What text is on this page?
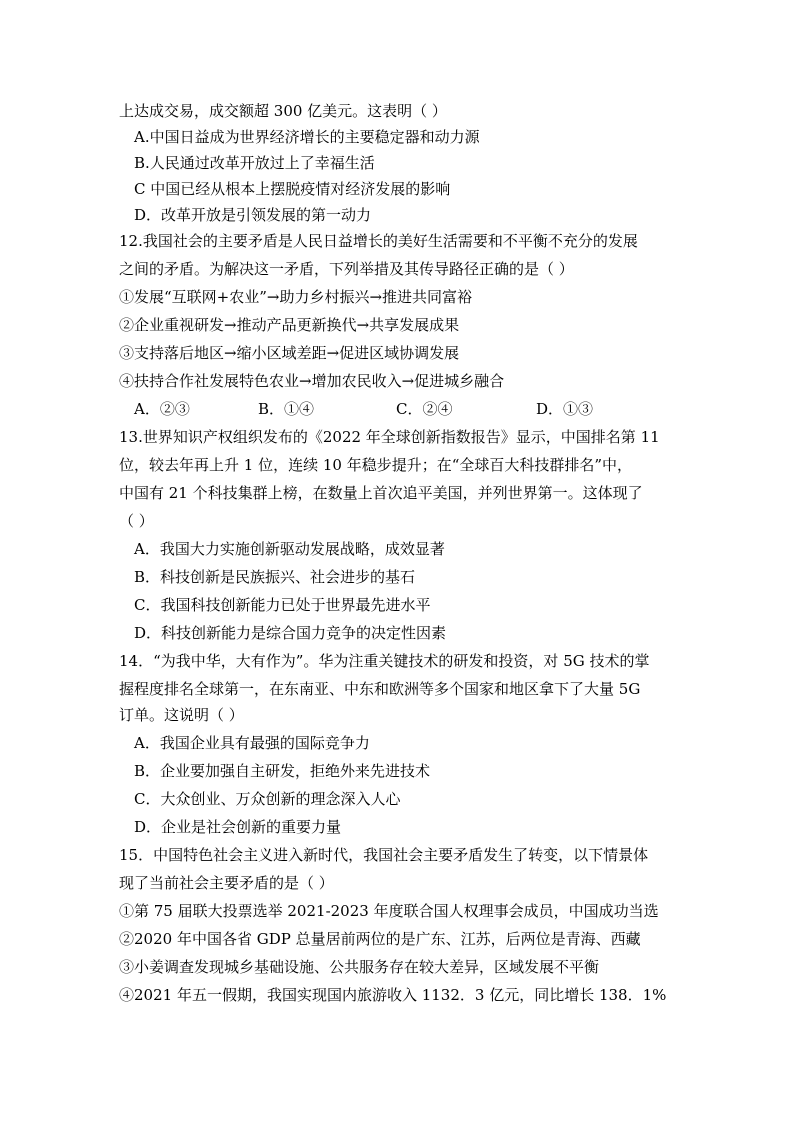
上达成交易，成交额超 300 亿美元。这表明（ ）
A.中国日益成为世界经济增长的主要稳定器和动力源
B.人民通过改革开放过上了幸福生活
C 中国已经从根本上摆脱疫情对经济发展的影响
D．改革开放是引领发展的第一动力
12.我国社会的主要矛盾是人民日益增长的美好生活需要和不平衡不充分的发展
之间的矛盾。为解决这一矛盾，下列举措及其传导路径正确的是（ ）
①发展“互联网+农业”→助力乡村振兴→推进共同富裕
②企业重视研发→推动产品更新换代→共享发展成果
③支持落后地区→缩小区域差距→促进区域协调发展
④扶持合作社发展特色农业→增加农民收入→促进城乡融合
A．②③	B．①④	C．②④	D．①③
13.世界知识产权组织发布的《2022 年全球创新指数报告》显示，中国排名第 11
位，较去年再上升 1 位，连续 10 年稳步提升；在“全球百大科技群排名”中，
中国有 21 个科技集群上榜，在数量上首次追平美国，并列世界第一。这体现了
（ ）
A．我国大力实施创新驱动发展战略，成效显著
B．科技创新是民族振兴、社会进步的基石
C．我国科技创新能力已处于世界最先进水平
D．科技创新能力是综合国力竞争的决定性因素
14．“为我中华，大有作为”。华为注重关键技术的研发和投资，对 5G 技术的掌
握程度排名全球第一，在东南亚、中东和欧洲等多个国家和地区拿下了大量 5G
订单。这说明（ ）
A．我国企业具有最强的国际竞争力
B．企业要加强自主研发，拒绝外来先进技术
C．大众创业、万众创新的理念深入人心
D．企业是社会创新的重要力量
15．中国特色社会主义进入新时代，我国社会主要矛盾发生了转变，以下情景体
现了当前社会主要矛盾的是（ ）
①第 75 届联大投票选举 2021-2023 年度联合国人权理事会成员，中国成功当选
②2020 年中国各省 GDP 总量居前两位的是广东、江苏，后两位是青海、西藏
③小姜调查发现城乡基础设施、公共服务存在较大差异，区域发展不平衡
④2021 年五一假期，我国实现国内旅游收入 1132．3 亿元，同比增长 138．1%
